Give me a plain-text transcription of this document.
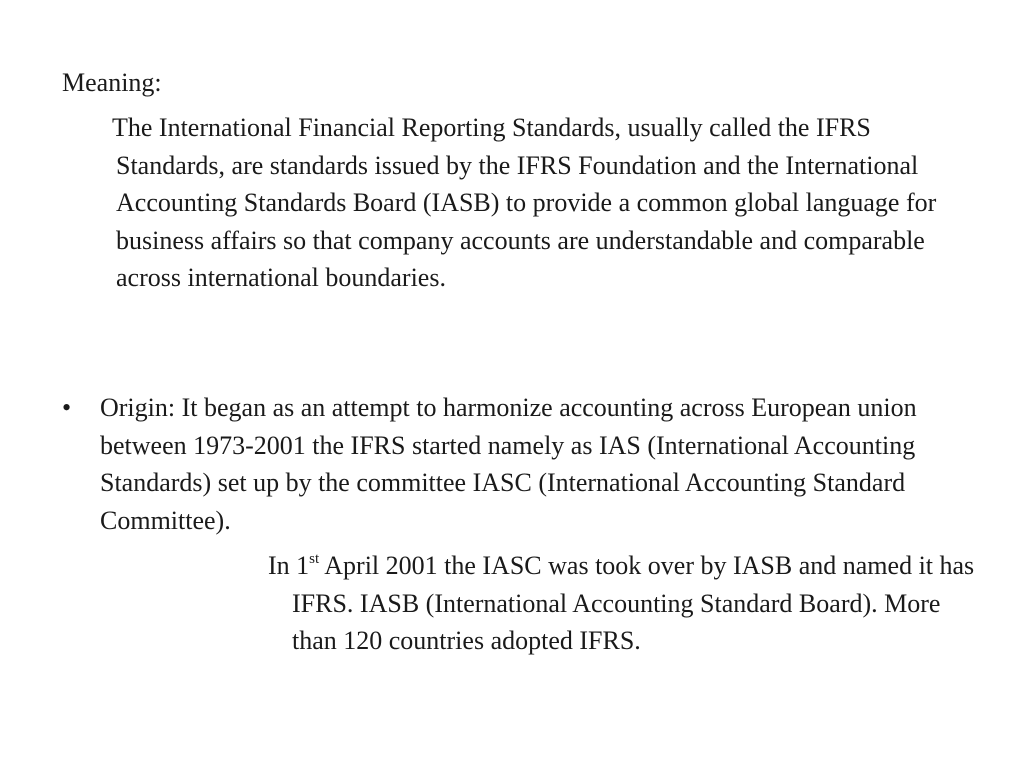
Meaning:

The International Financial Reporting Standards, usually called the IFRS Standards, are standards issued by the IFRS Foundation and the International Accounting Standards Board (IASB) to provide a common global language for business affairs so that company accounts are understandable and comparable across international boundaries.

• Origin: It began as an attempt to harmonize accounting across European union between 1973-2001 the IFRS started namely as IAS (International Accounting Standards) set up by the committee IASC (International Accounting Standard Committee).

In 1st April 2001 the IASC was took over by IASB and named it has IFRS. IASB (International Accounting Standard Board). More than 120 countries adopted IFRS.
